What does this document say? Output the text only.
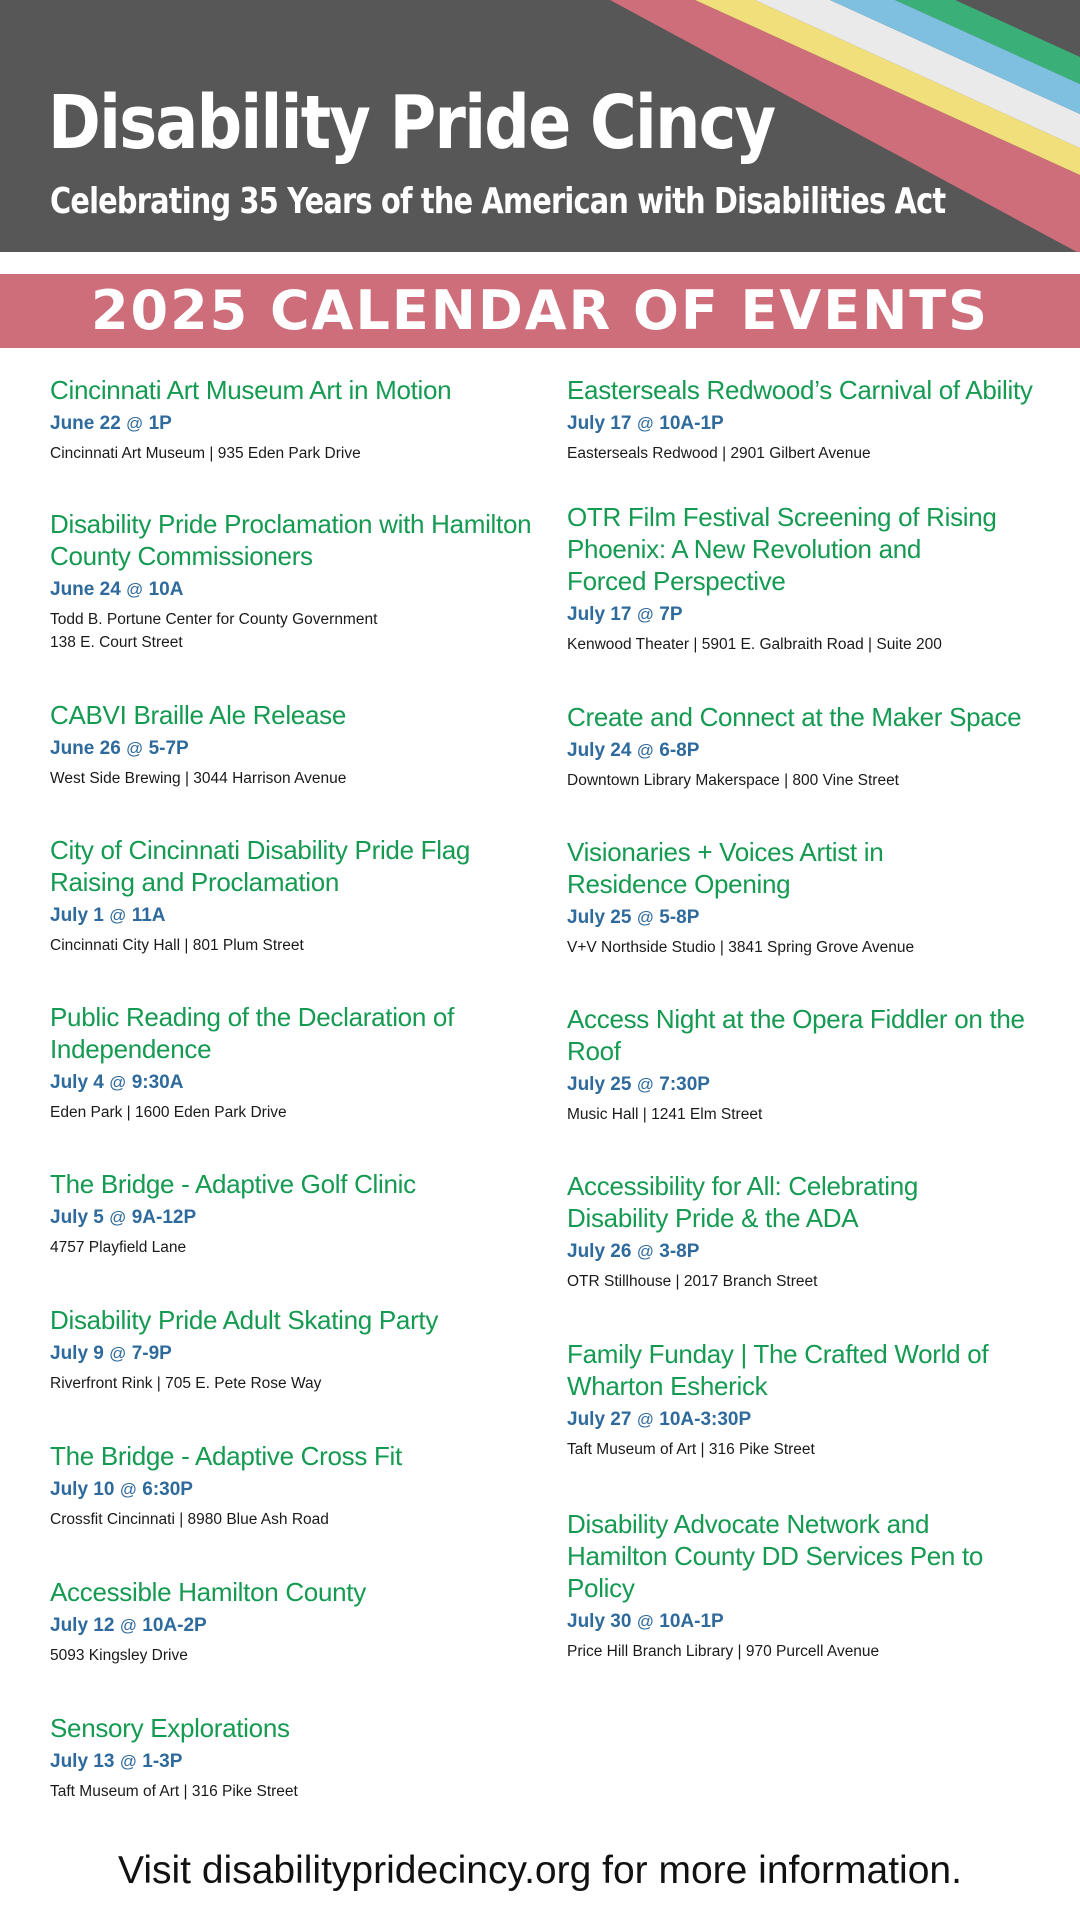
Disability Pride Cincy

Celebrating 35 Years of the American with Disabilities Act

2025 CALENDAR OF EVENTS

Cincinnati Art Museum Art in Motion

June 22 @ 1P

Cincinnati Art Museum | 935 Eden Park Drive

Disability Pride Proclamation with Hamilton County Commissioners

June 24 @ 10A

Todd B. Portune Center for County Government
138 E. Court Street

CABVI Braille Ale Release

June 26 @ 5-7P

West Side Brewing | 3044 Harrison Avenue

City of Cincinnati Disability Pride Flag Raising and Proclamation

July 1 @ 11A

Cincinnati City Hall | 801 Plum Street

Public Reading of the Declaration of Independence

July 4 @ 9:30A

Eden Park | 1600 Eden Park Drive

The Bridge - Adaptive Golf Clinic

July 5 @ 9A-12P

4757 Playfield Lane

Disability Pride Adult Skating Party

July 9 @ 7-9P

Riverfront Rink | 705 E. Pete Rose Way

The Bridge - Adaptive Cross Fit

July 10 @ 6:30P

Crossfit Cincinnati | 8980 Blue Ash Road

Accessible Hamilton County

July 12 @ 10A-2P

5093 Kingsley Drive

Sensory Explorations

July 13 @ 1-3P

Taft Museum of Art | 316 Pike Street

Easterseals Redwood’s Carnival of Ability

July 17 @ 10A-1P

Easterseals Redwood | 2901 Gilbert Avenue

OTR Film Festival Screening of Rising Phoenix: A New Revolution and Forced Perspective

July 17 @ 7P

Kenwood Theater | 5901 E. Galbraith Road | Suite 200

Create and Connect at the Maker Space

July 24 @ 6-8P

Downtown Library Makerspace | 800 Vine Street

Visionaries + Voices Artist in Residence Opening

July 25 @ 5-8P

V+V Northside Studio | 3841 Spring Grove Avenue

Access Night at the Opera Fiddler on the Roof

July 25 @ 7:30P

Music Hall | 1241 Elm Street

Accessibility for All: Celebrating Disability Pride & the ADA

July 26 @ 3-8P

OTR Stillhouse | 2017 Branch Street

Family Funday | The Crafted World of Wharton Esherick

July 27 @ 10A-3:30P

Taft Museum of Art | 316 Pike Street

Disability Advocate Network and Hamilton County DD Services Pen to Policy

July 30 @ 10A-1P

Price Hill Branch Library | 970 Purcell Avenue

Visit disabilitypridecincy.org for more information.
